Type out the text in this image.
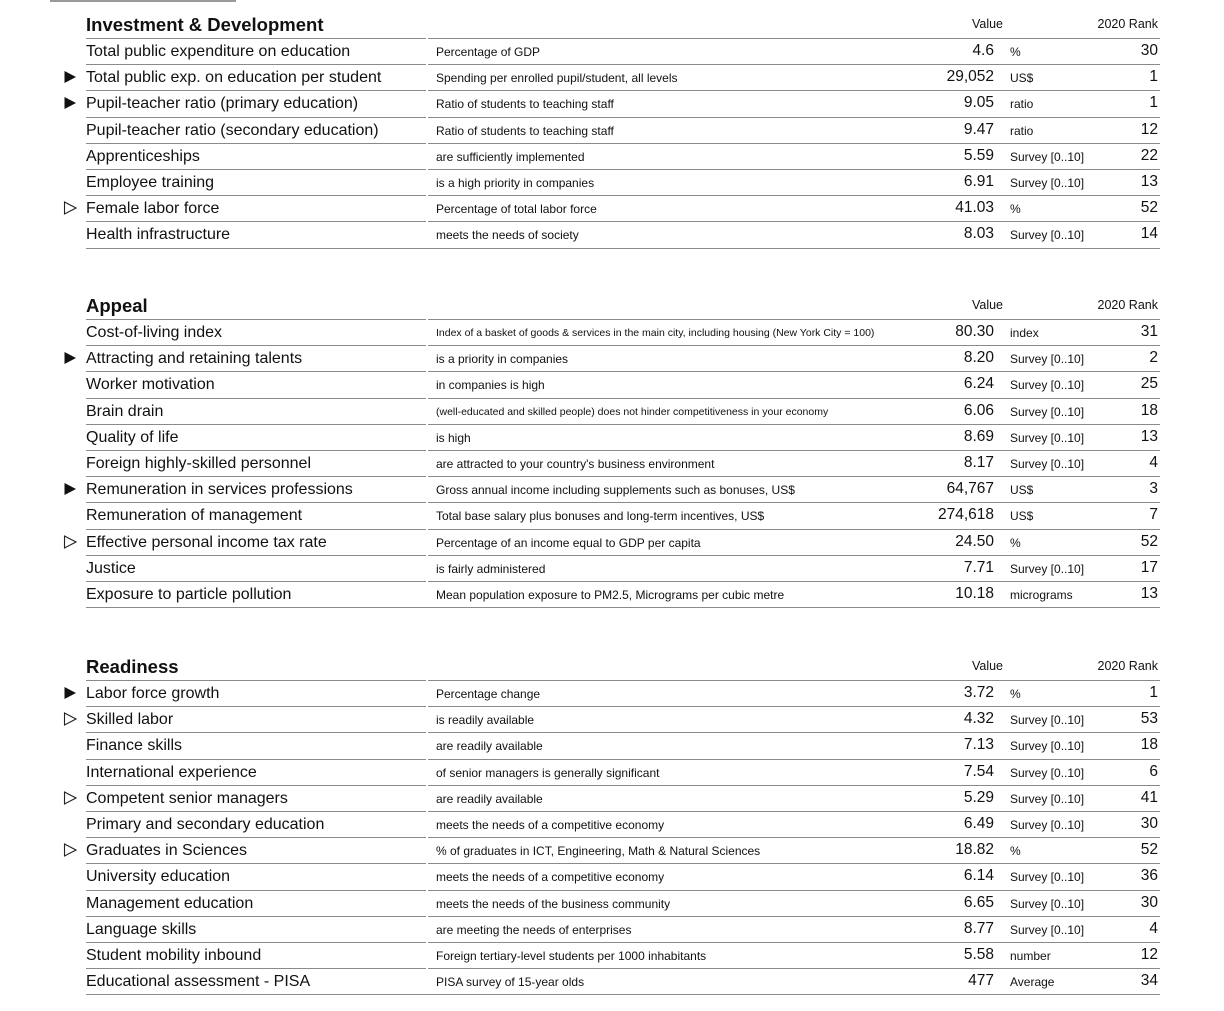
Investment & Development	Value	2020 Rank
Total public expenditure on education	Percentage of GDP	4.6 %	30
Total public exp. on education per student	Spending per enrolled pupil/student, all levels	29,052 US$	1
Pupil-teacher ratio (primary education)	Ratio of students to teaching staff	9.05 ratio	1
Pupil-teacher ratio (secondary education)	Ratio of students to teaching staff	9.47 ratio	12
Apprenticeships	are sufficiently implemented	5.59 Survey [0..10]	22
Employee training	is a high priority in companies	6.91 Survey [0..10]	13
Female labor force	Percentage of total labor force	41.03 %	52
Health infrastructure	meets the needs of society	8.03 Survey [0..10]	14
Appeal	Value	2020 Rank
Cost-of-living index	Index of a basket of goods & services in the main city, including housing (New York City = 100)	80.30 index	31
Attracting and retaining talents	is a priority in companies	8.20 Survey [0..10]	2
Worker motivation	in companies is high	6.24 Survey [0..10]	25
Brain drain	(well-educated and skilled people) does not hinder competitiveness in your economy	6.06 Survey [0..10]	18
Quality of life	is high	8.69 Survey [0..10]	13
Foreign highly-skilled personnel	are attracted to your country's business environment	8.17 Survey [0..10]	4
Remuneration in services professions	Gross annual income including supplements such as bonuses, US$	64,767 US$	3
Remuneration of management	Total base salary plus bonuses and long-term incentives, US$	274,618 US$	7
Effective personal income tax rate	Percentage of an income equal to GDP per capita	24.50 %	52
Justice	is fairly administered	7.71 Survey [0..10]	17
Exposure to particle pollution	Mean population exposure to PM2.5, Micrograms per cubic metre	10.18 micrograms	13
Readiness	Value	2020 Rank
Labor force growth	Percentage change	3.72 %	1
Skilled labor	is readily available	4.32 Survey [0..10]	53
Finance skills	are readily available	7.13 Survey [0..10]	18
International experience	of senior managers is generally significant	7.54 Survey [0..10]	6
Competent senior managers	are readily available	5.29 Survey [0..10]	41
Primary and secondary education	meets the needs of a competitive economy	6.49 Survey [0..10]	30
Graduates in Sciences	% of graduates in ICT, Engineering, Math & Natural Sciences	18.82 %	52
University education	meets the needs of a competitive economy	6.14 Survey [0..10]	36
Management education	meets the needs of the business community	6.65 Survey [0..10]	30
Language skills	are meeting the needs of enterprises	8.77 Survey [0..10]	4
Student mobility inbound	Foreign tertiary-level students per 1000 inhabitants	5.58 number	12
Educational assessment - PISA	PISA survey of 15-year olds	477 Average	34
